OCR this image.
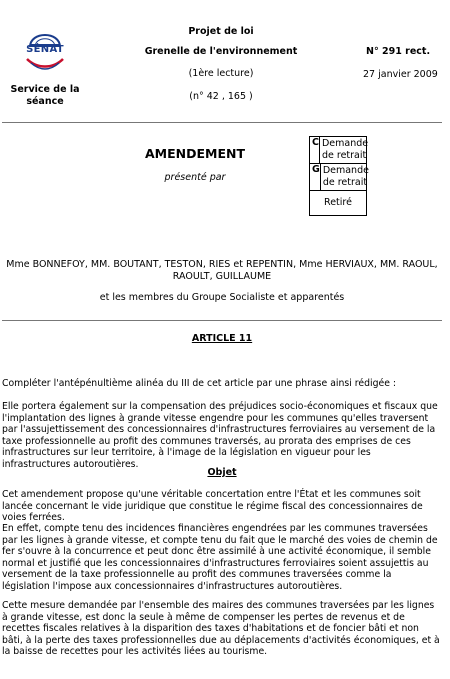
SÉNAT
Service de la séance
Projet de loi
Grenelle de l'environnement
(1ère lecture)
(n° 42 , 165 )
N° 291 rect.
27 janvier 2009
AMENDEMENT
présenté par
C Demande de retrait
G Demande de retrait
Retiré
Mme BONNEFOY, MM. BOUTANT, TESTON, RIES et REPENTIN, Mme HERVIAUX, MM. RAOUL, RAOULT, GUILLAUME
et les membres du Groupe Socialiste et apparentés
ARTICLE 11
Compléter l'antépénultième alinéa du III de cet article par une phrase ainsi rédigée :
Elle portera également sur la compensation des préjudices socio-économiques et fiscaux que l'implantation des lignes à grande vitesse engendre pour les communes qu'elles traversent par l'assujettissement des concessionnaires d'infrastructures ferroviaires au versement de la taxe professionnelle au profit des communes traversés, au prorata des emprises de ces infrastructures sur leur territoire, à l'image de la législation en vigueur pour les infrastructures autoroutières.
Objet
Cet amendement propose qu'une véritable concertation entre l'État et les communes soit lancée concernant le vide juridique que constitue le régime fiscal des concessionnaires de voies ferrées.
En effet, compte tenu des incidences financières engendrées par les communes traversées par les lignes à grande vitesse, et compte tenu du fait que le marché des voies de chemin de fer s'ouvre à la concurrence et peut donc être assimilé à une activité économique, il semble normal et justifié que les concessionnaires d'infrastructures ferroviaires soient assujettis au versement de la taxe professionnelle au profit des communes traversées comme la législation l'impose aux concessionnaires d'infrastructures autoroutières.
Cette mesure demandée par l'ensemble des maires des communes traversées par les lignes à grande vitesse, est donc la seule à même de compenser les pertes de revenus et de recettes fiscales relatives à la disparition des taxes d'habitations et de foncier bâti et non bâti, à la perte des taxes professionnelles due au déplacements d'activités économiques, et à la baisse de recettes pour les activités liées au tourisme.
